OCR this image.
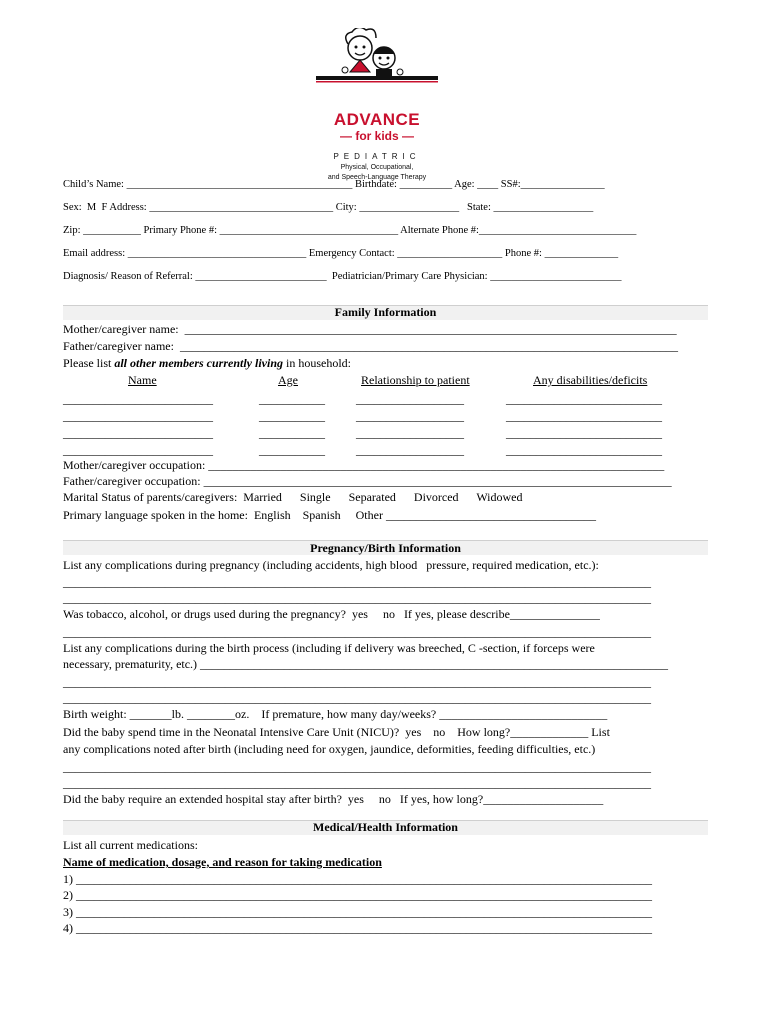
ADVANCE
— for kids —
PEDIATRIC
Physical, Occupational,
and Speech-Language Therapy
Child’s Name: ___________________________________________ Birthdate: __________ Age: ____ SS#:________________
Sex:  M  F Address: ___________________________________ City: ___________________   State: ___________________
Zip: ___________ Primary Phone #: __________________________________ Alternate Phone #:______________________________
Email address: __________________________________ Emergency Contact: ____________________ Phone #: ______________
Diagnosis/ Reason of Referral: _________________________  Pediatrician/Primary Care Physician: _________________________
Family Information
Mother/caregiver name:  __________________________________________________________________________________
Father/caregiver name:  ___________________________________________________________________________________
Please list all other members currently living in household:
Name	Age	Relationship to patient	Any disabilities/deficits
_________________________	___________	__________________	__________________________
_________________________	___________	__________________	__________________________
_________________________	___________	__________________	__________________________
_________________________	___________	__________________	__________________________
Mother/caregiver occupation: ____________________________________________________________________________
Father/caregiver occupation: ______________________________________________________________________________
Marital Status of parents/caregivers:  Married      Single      Separated      Divorced      Widowed
Primary language spoken in the home:  English    Spanish     Other ___________________________________
Pregnancy/Birth Information
List any complications during pregnancy (including accidents, high blood   pressure, required medication, etc.):
__________________________________________________________________________________________________
__________________________________________________________________________________________________
Was tobacco, alcohol, or drugs used during the pregnancy?  yes     no   If yes, please describe_______________
__________________________________________________________________________________________________
List any complications during the birth process (including if delivery was breeched, C -section, if forceps were
necessary, prematurity, etc.) ______________________________________________________________________________
__________________________________________________________________________________________________
__________________________________________________________________________________________________
Birth weight: _______lb. ________oz.    If premature, how many day/weeks? ____________________________
Did the baby spend time in the Neonatal Intensive Care Unit (NICU)?  yes    no    How long?_____________ List
any complications noted after birth (including need for oxygen, jaundice, deformities, feeding difficulties, etc.)
__________________________________________________________________________________________________
__________________________________________________________________________________________________
Did the baby require an extended hospital stay after birth?  yes     no   If yes, how long?____________________
Medical/Health Information
List all current medications:
Name of medication, dosage, and reason for taking medication
1) ________________________________________________________________________________________________
2) ________________________________________________________________________________________________
3) ________________________________________________________________________________________________
4) ________________________________________________________________________________________________
